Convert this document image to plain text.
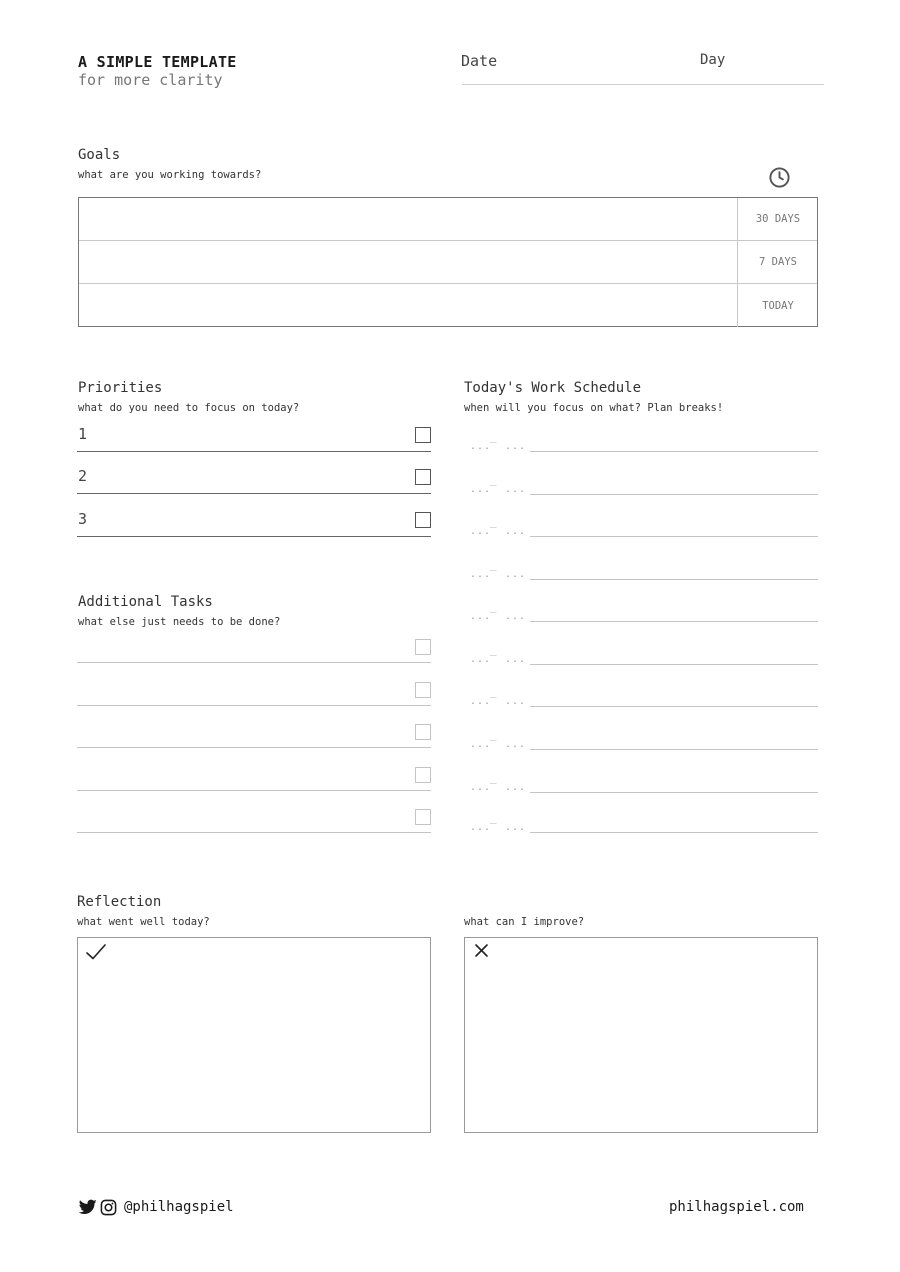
A SIMPLE TEMPLATE
for more clarity
Date	Day
Goals
what are you working towards?
30 DAYS
7 DAYS
TODAY
Priorities
what do you need to focus on today?
1
2
3
Additional Tasks
what else just needs to be done?
Today's Work Schedule
when will you focus on what? Plan breaks!
_
... ...
_
... ...
_
... ...
_
... ...
_
... ...
_
... ...
_
... ...
_
... ...
_
... ...
_
... ...
Reflection
what went well today?	what can I improve?
@philhagspiel	philhagspiel.com
